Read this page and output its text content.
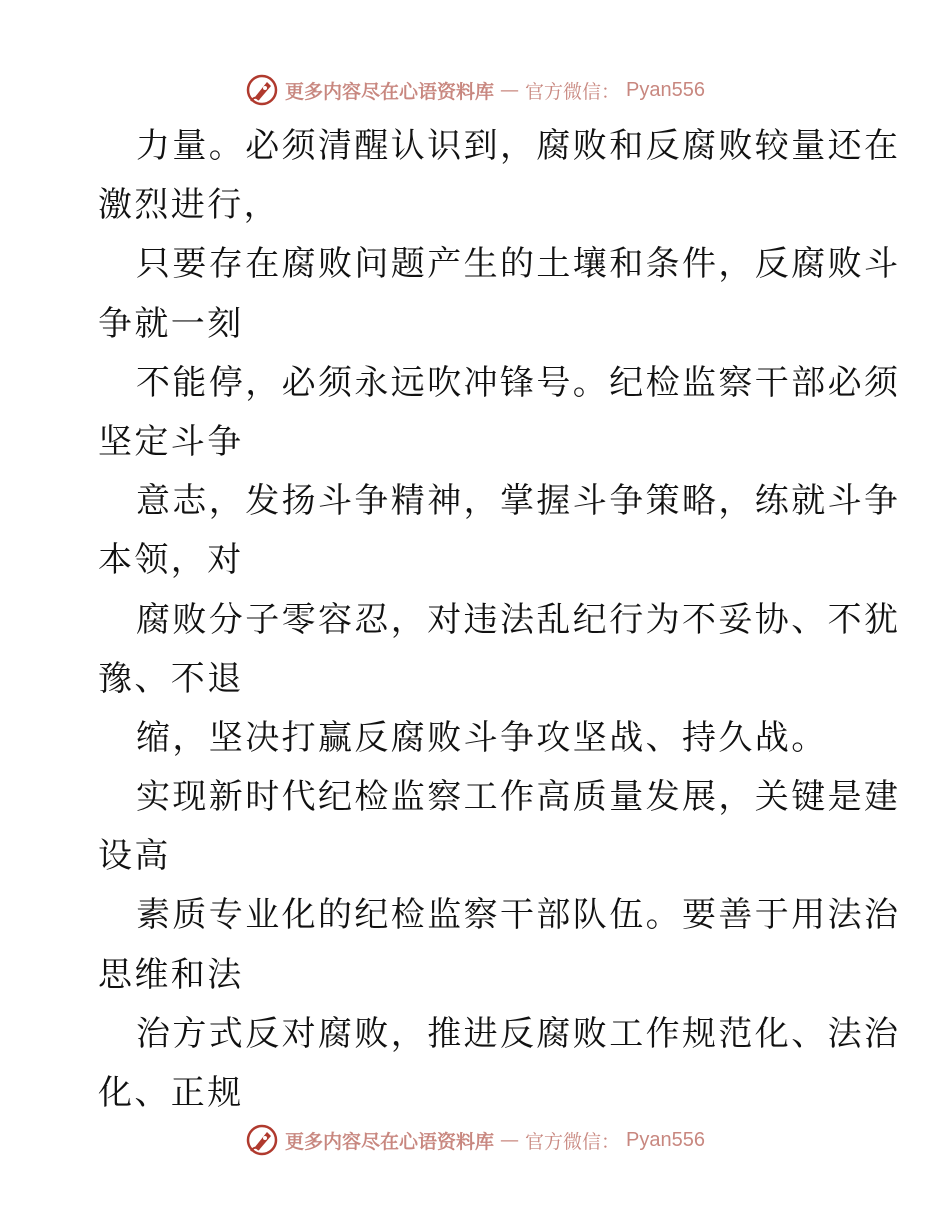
更多内容尽在心语资料库 — 官方微信： Pyan556
力量。必须清醒认识到，腐败和反腐败较量还在
激烈进行，
只要存在腐败问题产生的土壤和条件，反腐败斗
争就一刻
不能停，必须永远吹冲锋号。纪检监察干部必须
坚定斗争
意志，发扬斗争精神，掌握斗争策略，练就斗争
本领，对
腐败分子零容忍，对违法乱纪行为不妥协、不犹
豫、不退
缩，坚决打赢反腐败斗争攻坚战、持久战。
实现新时代纪检监察工作高质量发展，关键是建
设高
素质专业化的纪检监察干部队伍。要善于用法治
思维和法
治方式反对腐败，推进反腐败工作规范化、法治
化、正规
更多内容尽在心语资料库 — 官方微信： Pyan556
